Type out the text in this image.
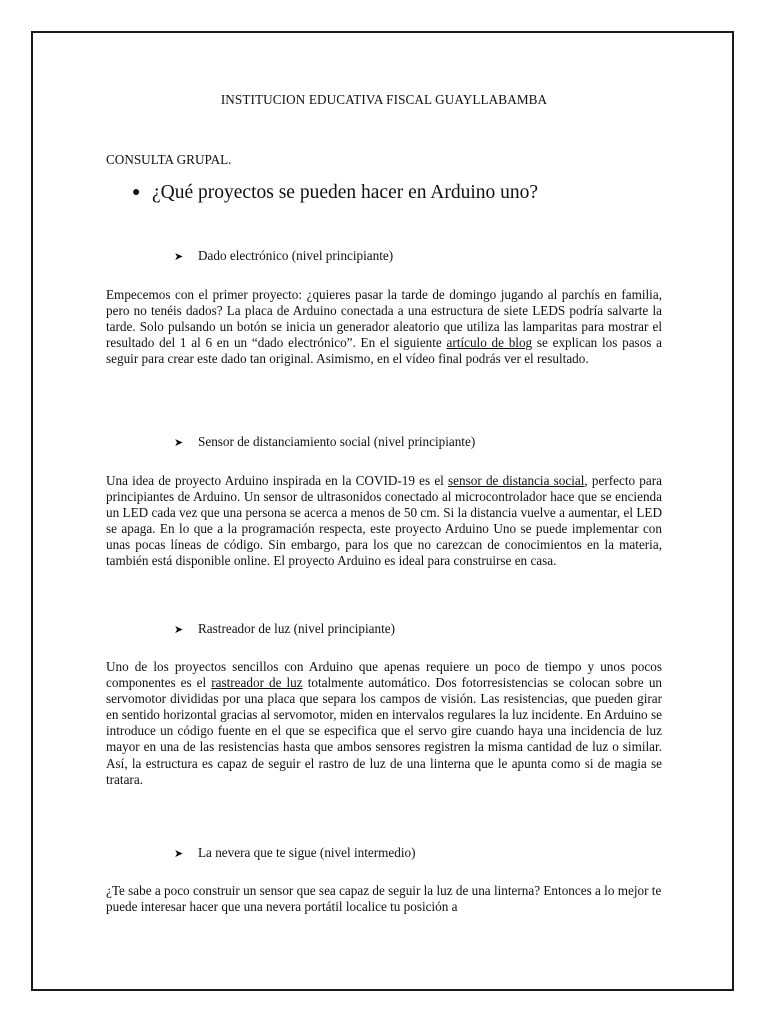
INSTITUCION EDUCATIVA FISCAL GUAYLLABAMBA
CONSULTA GRUPAL.
● ¿Qué proyectos se pueden hacer en Arduino uno?
➤	Dado electrónico (nivel principiante)

Empecemos con el primer proyecto: ¿quieres pasar la tarde de domingo jugando al parchís en familia, pero no tenéis dados? La placa de Arduino conectada a una estructura de siete LEDS podría salvarte la tarde. Solo pulsando un botón se inicia un generador aleatorio que utiliza las lamparitas para mostrar el resultado del 1 al 6 en un “dado electrónico”. En el siguiente artículo de blog se explican los pasos a seguir para crear este dado tan original. Asimismo, en el vídeo final podrás ver el resultado.

➤	Sensor de distanciamiento social (nivel principiante)

Una idea de proyecto Arduino inspirada en la COVID-19 es el sensor de distancia social, perfecto para principiantes de Arduino. Un sensor de ultrasonidos conectado al microcontrolador hace que se encienda un LED cada vez que una persona se acerca a menos de 50 cm. Si la distancia vuelve a aumentar, el LED se apaga. En lo que a la programación respecta, este proyecto Arduino Uno se puede implementar con unas pocas líneas de código. Sin embargo, para los que no carezcan de conocimientos en la materia, también está disponible online. El proyecto Arduino es ideal para construirse en casa.

➤	Rastreador de luz (nivel principiante)

Uno de los proyectos sencillos con Arduino que apenas requiere un poco de tiempo y unos pocos componentes es el rastreador de luz totalmente automático. Dos fotorresistencias se colocan sobre un servomotor divididas por una placa que separa los campos de visión. Las resistencias, que pueden girar en sentido horizontal gracias al servomotor, miden en intervalos regulares la luz incidente. En Arduino se introduce un código fuente en el que se especifica que el servo gire cuando haya una incidencia de luz mayor en una de las resistencias hasta que ambos sensores registren la misma cantidad de luz o similar. Así, la estructura es capaz de seguir el rastro de luz de una linterna que le apunta como si de magia se tratara.

➤	La nevera que te sigue (nivel intermedio)

¿Te sabe a poco construir un sensor que sea capaz de seguir la luz de una linterna? Entonces a lo mejor te puede interesar hacer que una nevera portátil localice tu posición a
